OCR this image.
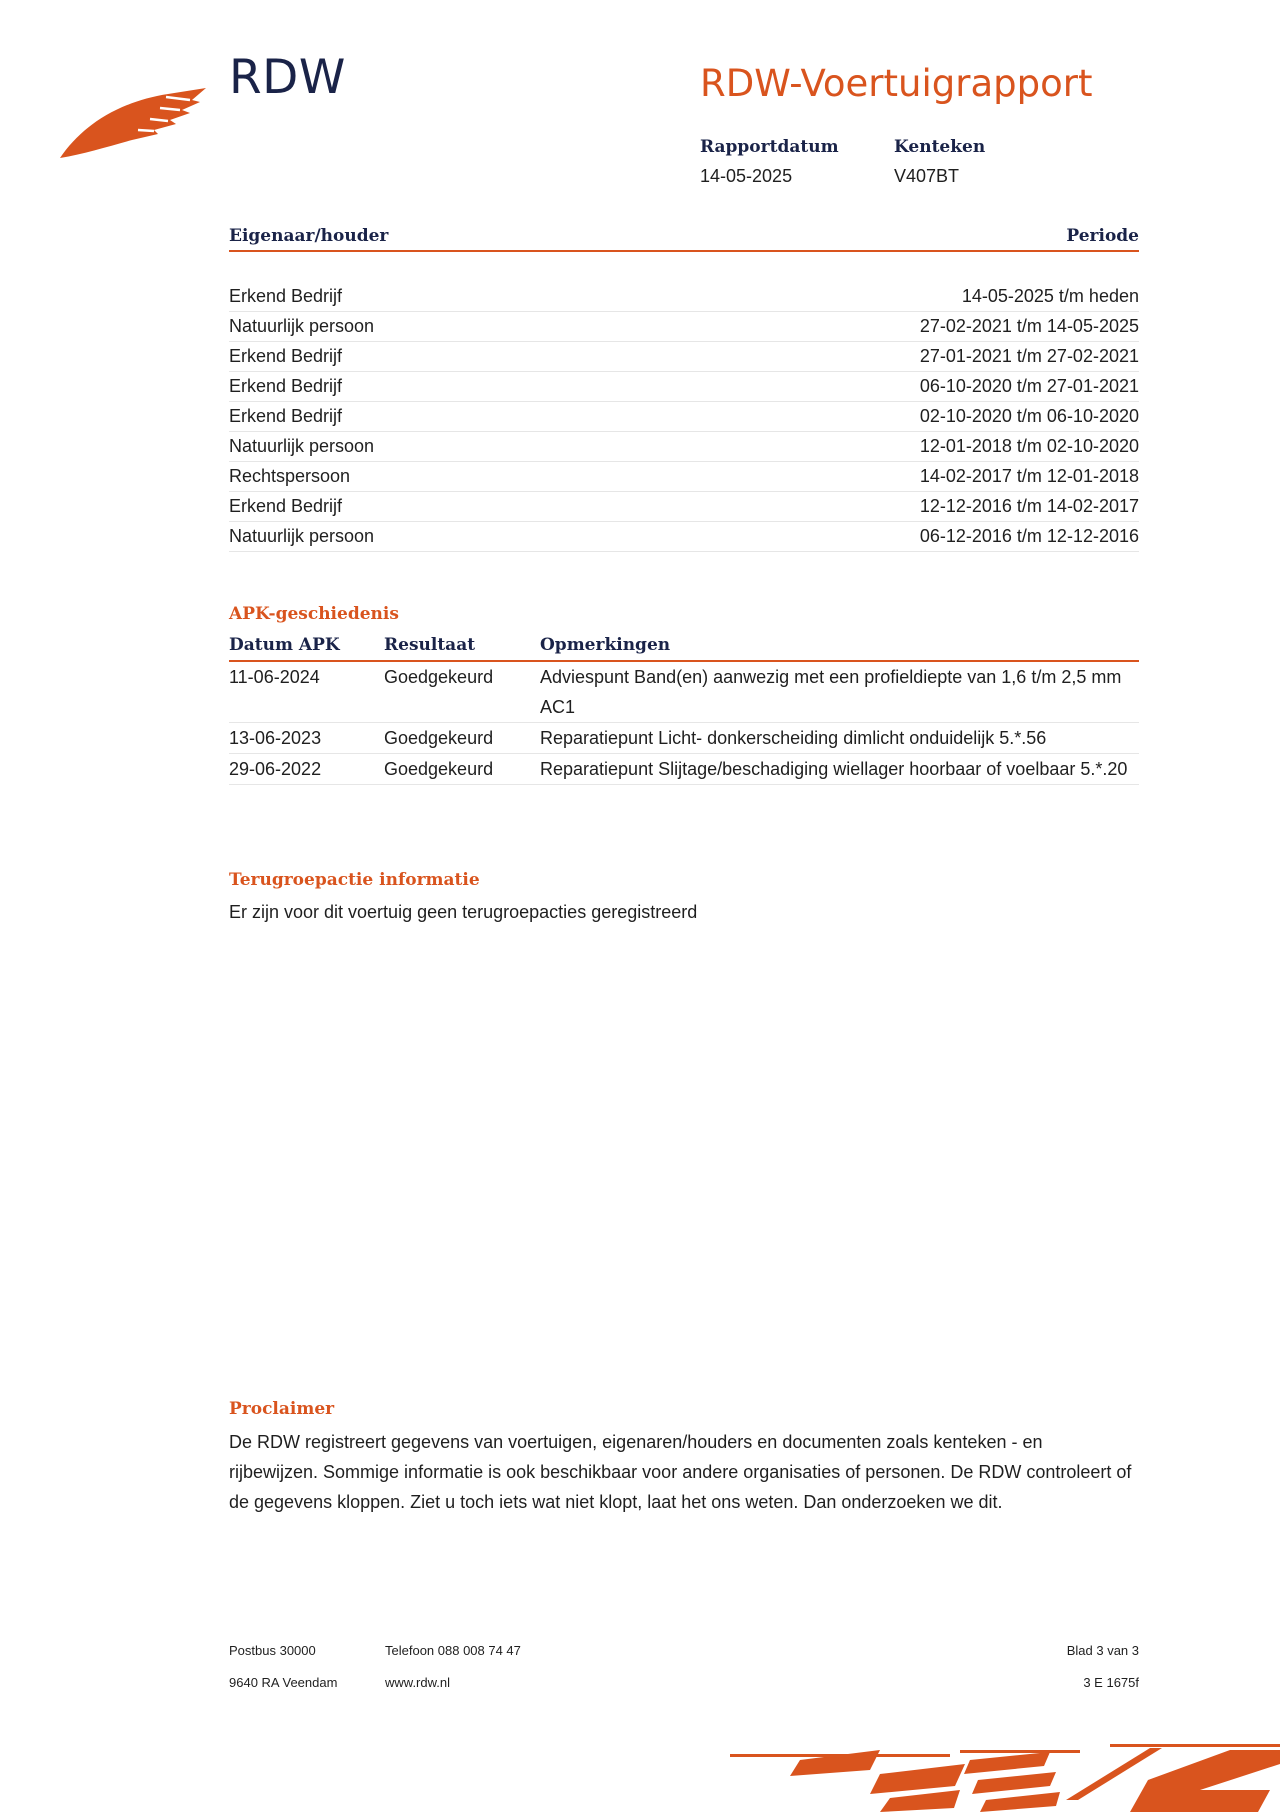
RDW	RDW-Voertuigrapport
Rapportdatum
14-05-2025
Kenteken
V407BT
Eigenaar/houder	Periode
Erkend Bedrijf	14-05-2025 t/m heden
Natuurlijk persoon	27-02-2021 t/m 14-05-2025
Erkend Bedrijf	27-01-2021 t/m 27-02-2021
Erkend Bedrijf	06-10-2020 t/m 27-01-2021
Erkend Bedrijf	02-10-2020 t/m 06-10-2020
Natuurlijk persoon	12-01-2018 t/m 02-10-2020
Rechtspersoon	14-02-2017 t/m 12-01-2018
Erkend Bedrijf	12-12-2016 t/m 14-02-2017
Natuurlijk persoon	06-12-2016 t/m 12-12-2016
APK-geschiedenis
Datum APK	Resultaat	Opmerkingen
11-06-2024	Goedgekeurd	Adviespunt Band(en) aanwezig met een profieldiepte van 1,6 t/m 2,5 mm AC1
13-06-2023	Goedgekeurd	Reparatiepunt Licht- donkerscheiding dimlicht onduidelijk 5.*.56
29-06-2022	Goedgekeurd	Reparatiepunt Slijtage/beschadiging wiellager hoorbaar of voelbaar 5.*.20
Terugroepactie informatie
Er zijn voor dit voertuig geen terugroepacties geregistreerd
Proclaimer
De RDW registreert gegevens van voertuigen, eigenaren/houders en documenten zoals kenteken - en rijbewijzen. Sommige informatie is ook beschikbaar voor andere organisaties of personen. De RDW controleert of de gegevens kloppen. Ziet u toch iets wat niet klopt, laat het ons weten. Dan onderzoeken we dit.
Postbus 30000
9640 RA Veendam
Telefoon 088 008 74 47
www.rdw.nl
Blad 3 van 3
3 E 1675f
